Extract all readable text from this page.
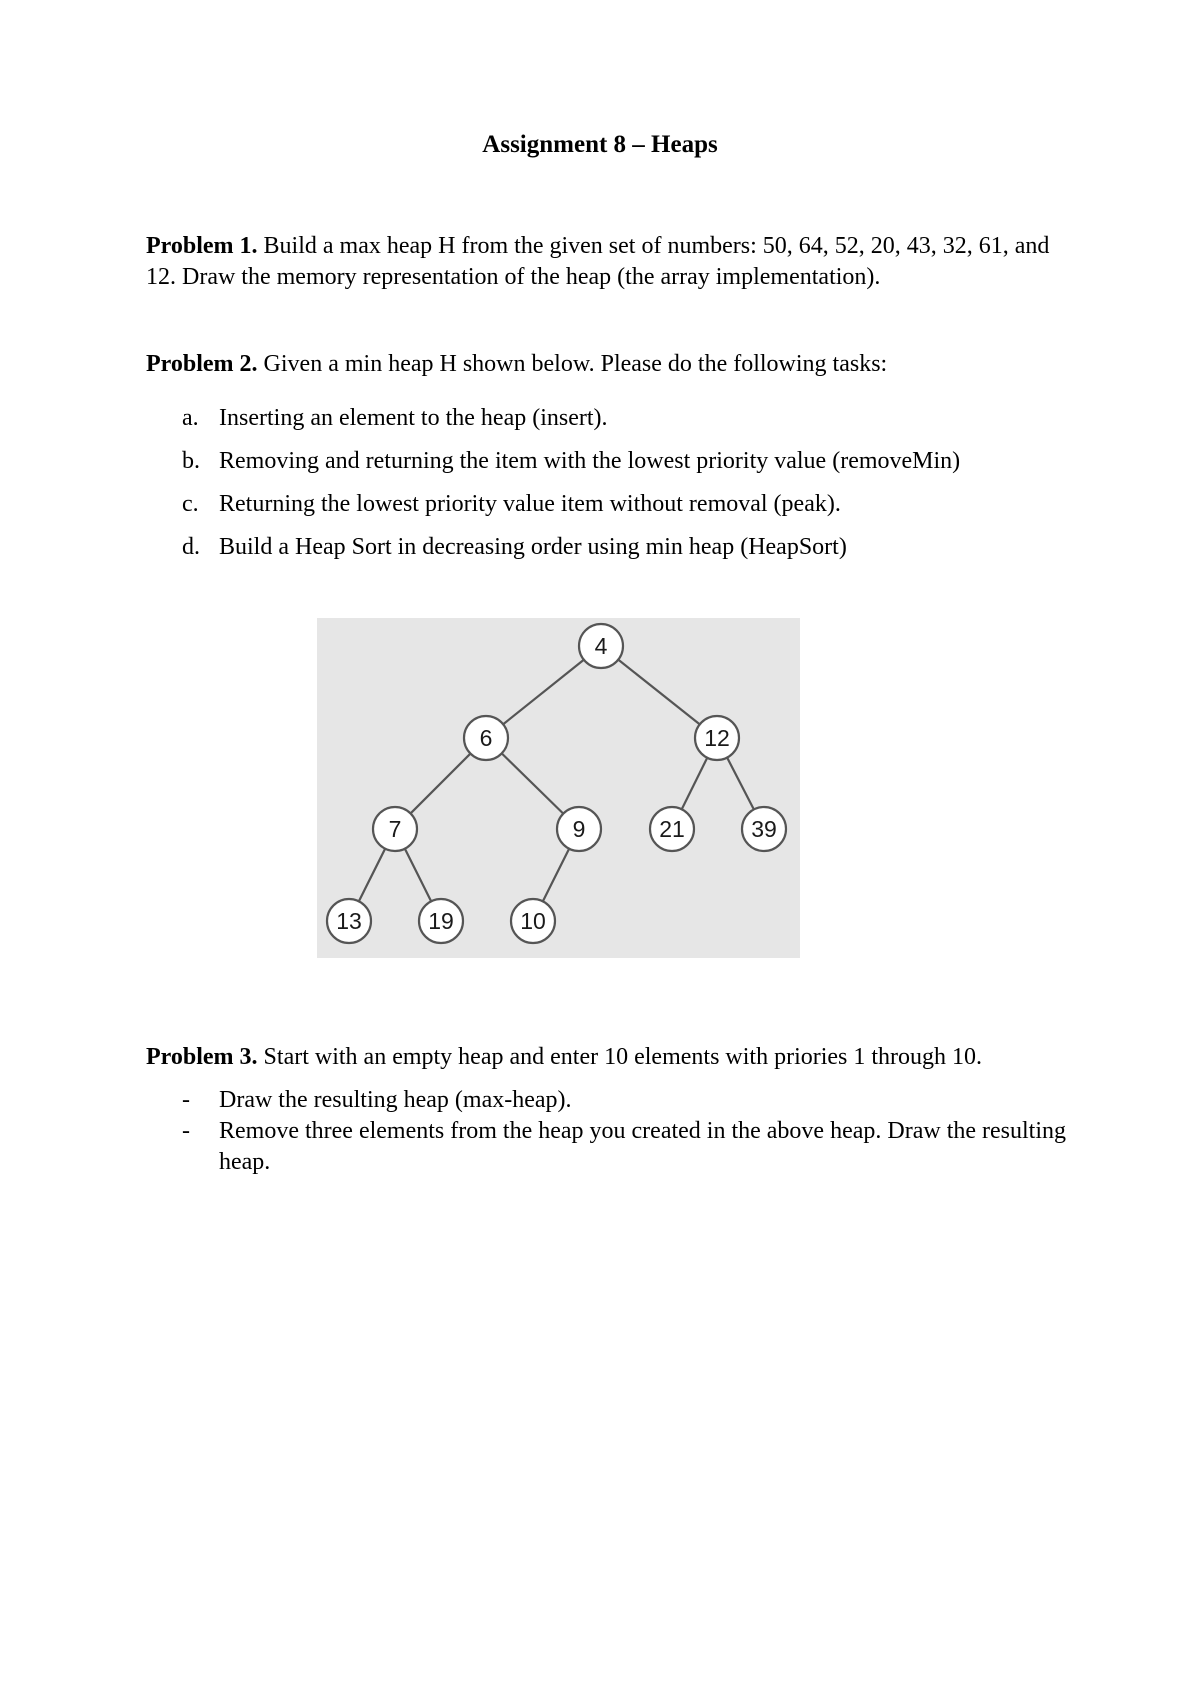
Assignment 8 – Heaps
Problem 1. Build a max heap H from the given set of numbers: 50, 64, 52, 20, 43, 32, 61, and 12. Draw the memory representation of the heap (the array implementation).
Problem 2. Given a min heap H shown below. Please do the following tasks:
a. Inserting an element to the heap (insert).
b. Removing and returning the item with the lowest priority value (removeMin)
c. Returning the lowest priority value item without removal (peak).
d. Build a Heap Sort in decreasing order using min heap (HeapSort)
4
6	12
7	9	21	39
13	19	10
Problem 3. Start with an empty heap and enter 10 elements with priories 1 through 10.
- Draw the resulting heap (max-heap).
- Remove three elements from the heap you created in the above heap. Draw the resulting heap.
